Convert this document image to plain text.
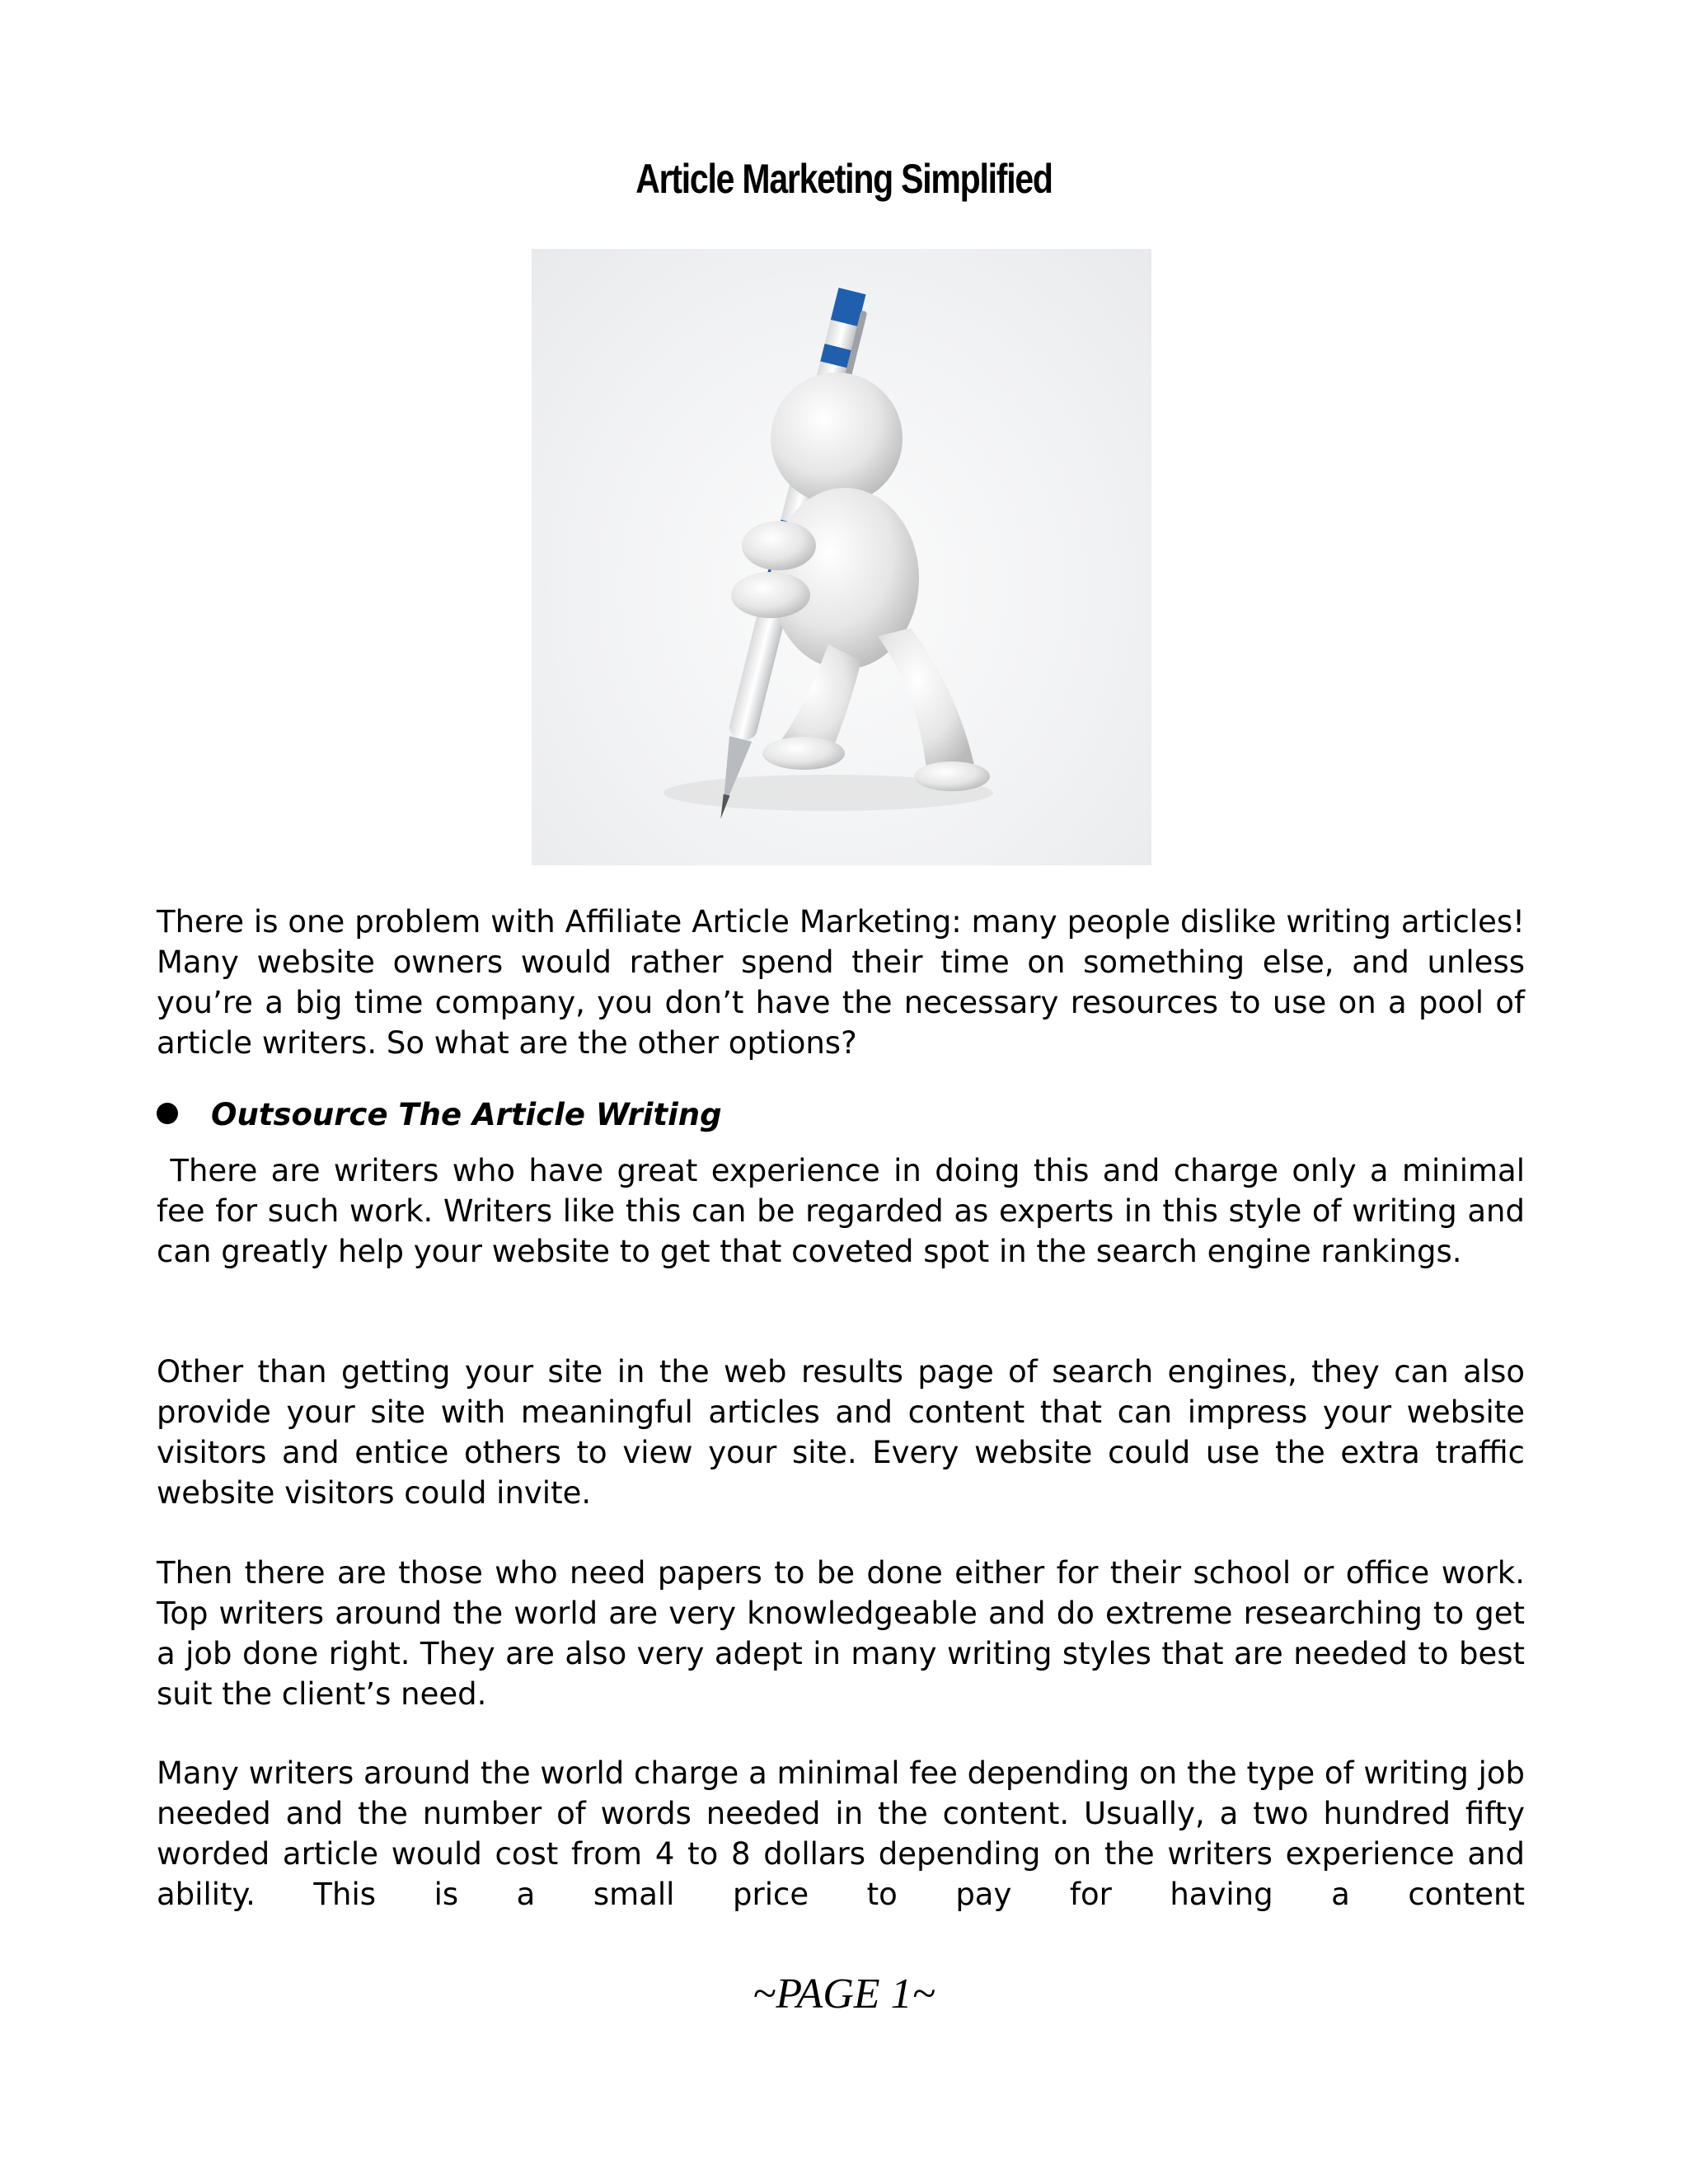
Article Marketing Simplified
There is one problem with Affiliate Article Marketing: many people dislike writing articles! Many website owners would rather spend their time on something else, and unless you’re a big time company, you don’t have the necessary resources to use on a pool of article writers. So what are the other options?
Outsource The Article Writing
There are writers who have great experience in doing this and charge only a minimal fee for such work. Writers like this can be regarded as experts in this style of writing and can greatly help your website to get that coveted spot in the search engine rankings.
Other than getting your site in the web results page of search engines, they can also provide your site with meaningful articles and content that can impress your website visitors and entice others to view your site. Every website could use the extra traffic website visitors could invite.
Then there are those who need papers to be done either for their school or office work. Top writers around the world are very knowledgeable and do extreme researching to get a job done right. They are also very adept in many writing styles that are needed to best suit the client’s need.
Many writers around the world charge a minimal fee depending on the type of writing job needed and the number of words needed in the content. Usually, a two hundred fifty worded article would cost from 4 to 8 dollars depending on the writers experience and ability. This is a small price to pay for having a content
~PAGE 1~
